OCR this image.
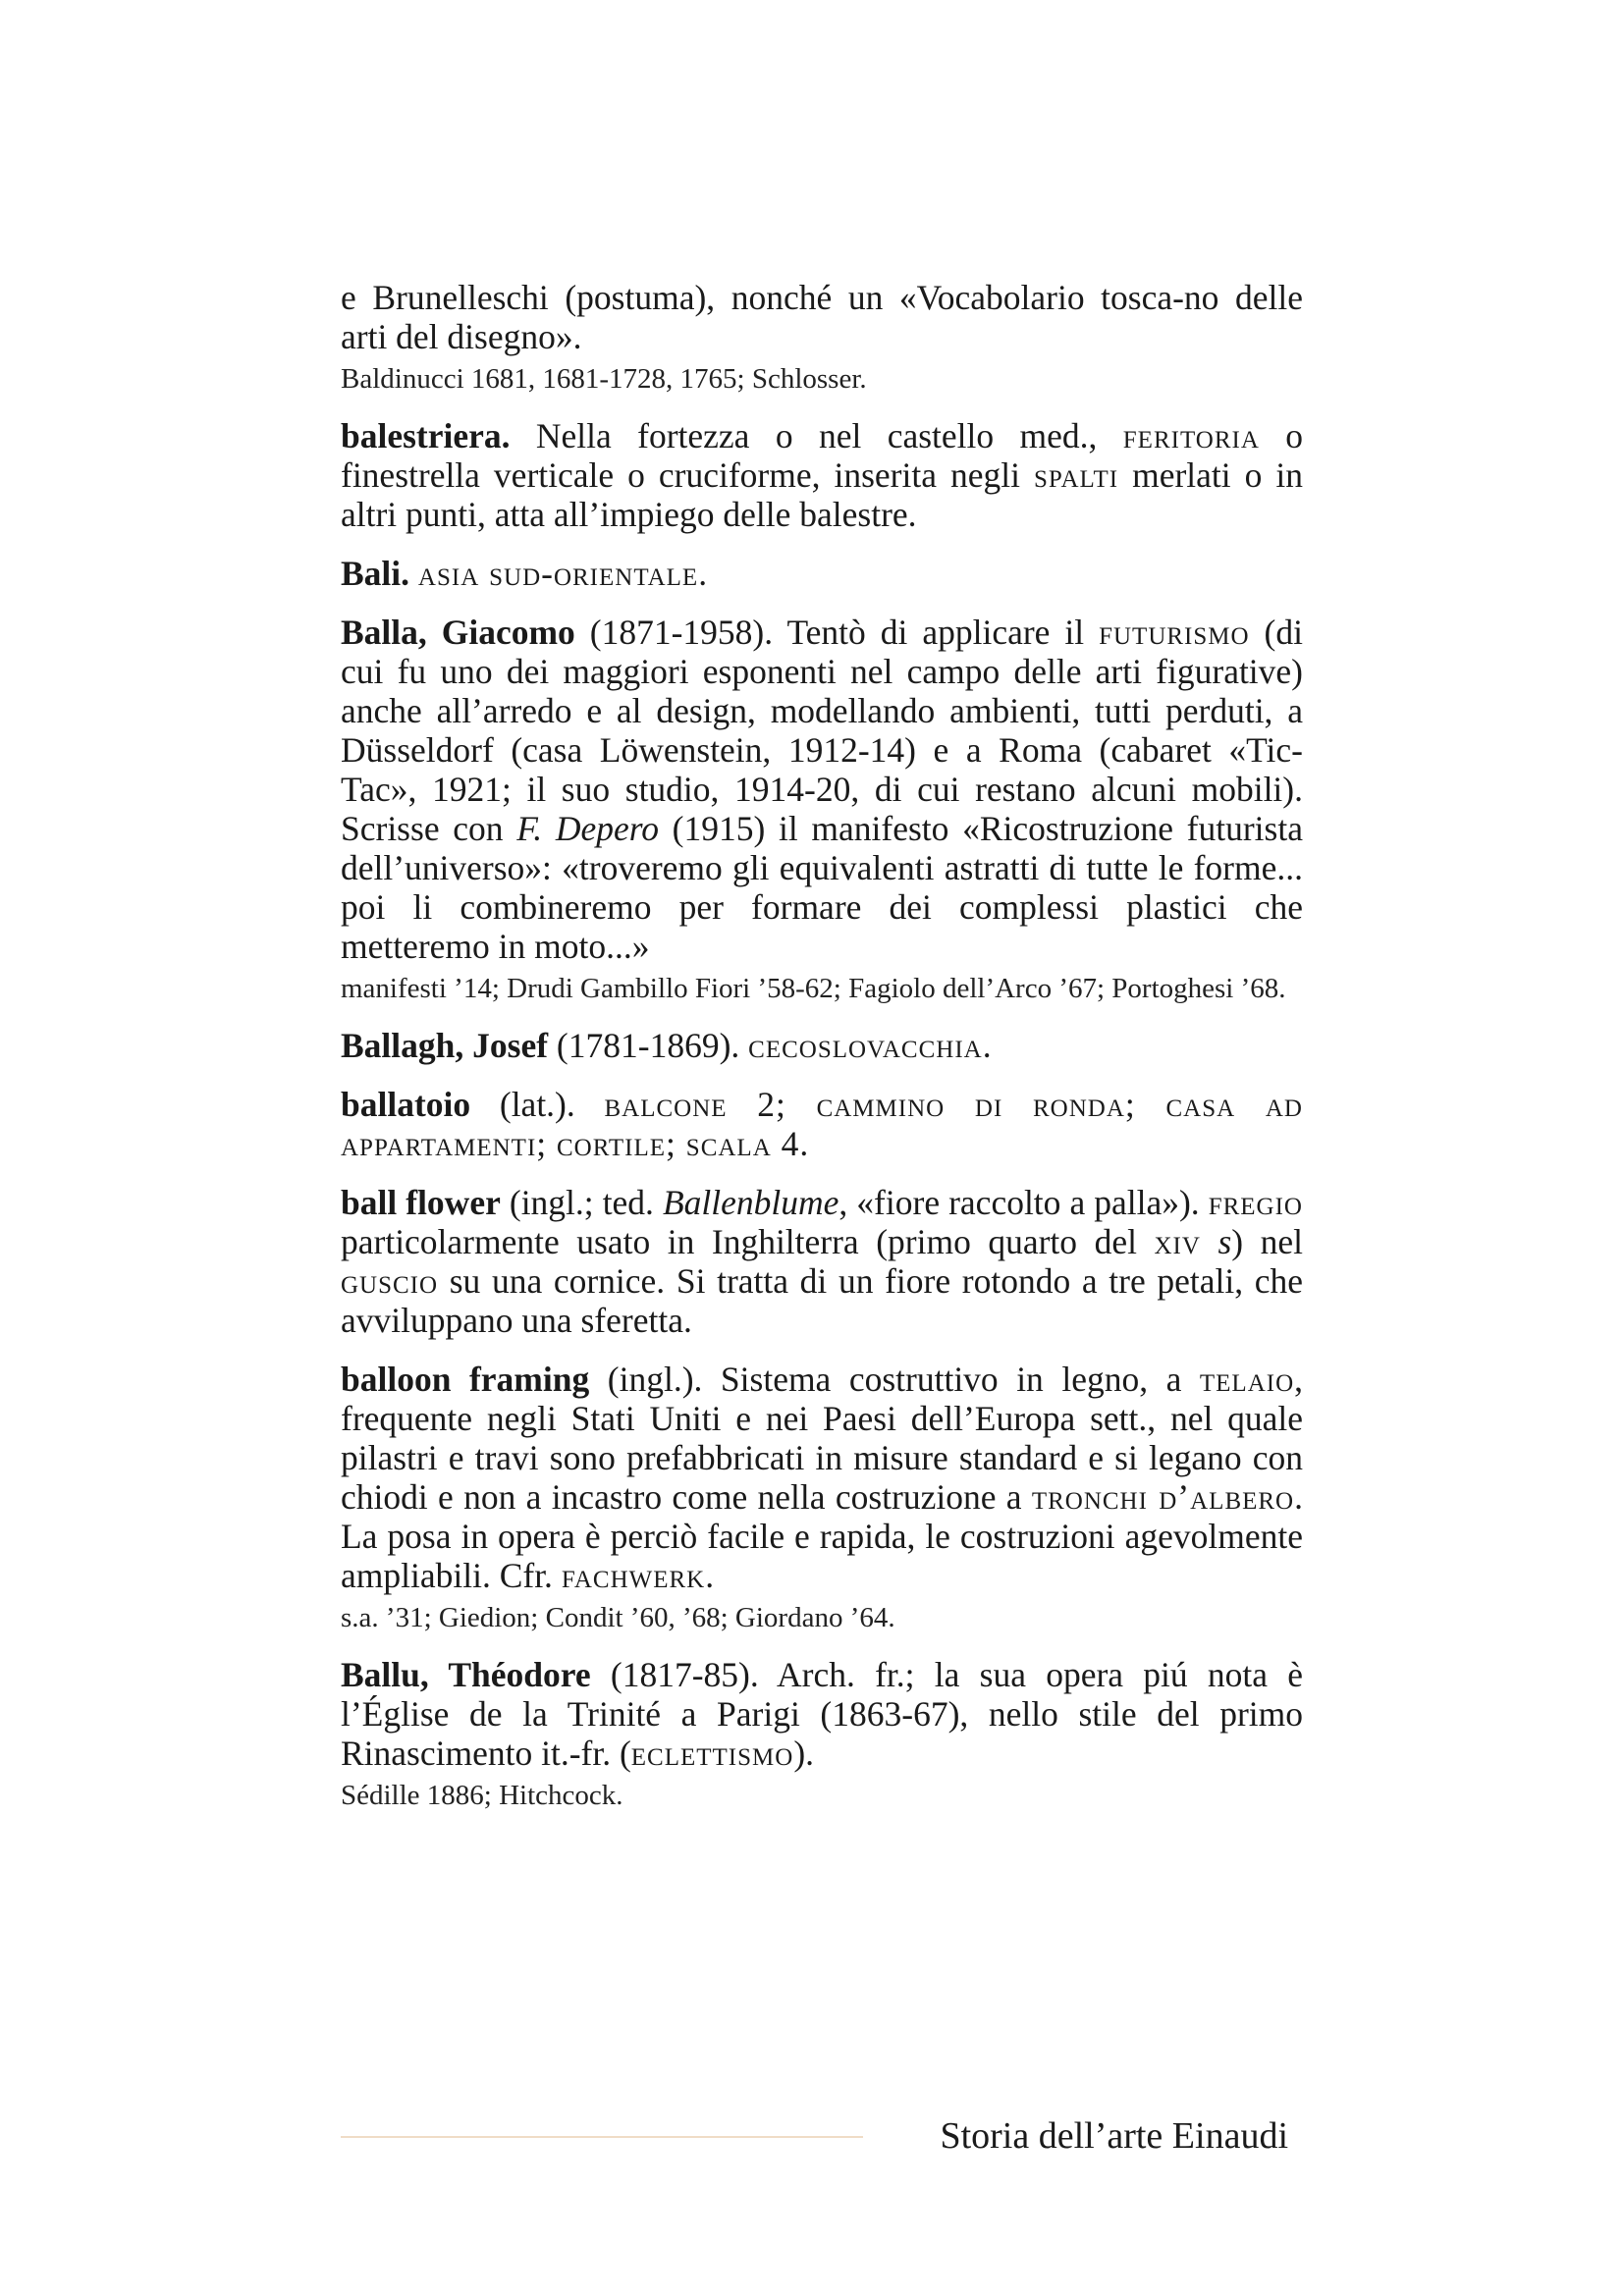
e Brunelleschi (postuma), nonché un «Vocabolario tosca-no delle arti del disegno».

Baldinucci 1681, 1681-1728, 1765; Schlosser.

balestriera. Nella fortezza o nel castello med., feritoria o finestrella verticale o cruciforme, inserita negli spalti merlati o in altri punti, atta all’impiego delle balestre.

Bali. asia sud-orientale.

Balla, Giacomo (1871-1958). Tentò di applicare il futurismo (di cui fu uno dei maggiori esponenti nel campo delle arti figurative) anche all’arredo e al design, modellando ambienti, tutti perduti, a Düsseldorf (casa Löwenstein, 1912-14) e a Roma (cabaret «Tic-Tac», 1921; il suo studio, 1914-20, di cui restano alcuni mobili). Scrisse con F. Depero (1915) il manifesto «Ricostruzione futurista dell’universo»: «troveremo gli equivalenti astratti di tutte le forme... poi li combineremo per formare dei complessi plastici che metteremo in moto...»

manifesti ’14; Drudi Gambillo Fiori ’58-62; Fagiolo dell’Arco ’67; Portoghesi ’68.

Ballagh, Josef (1781-1869). cecoslovacchia.

ballatoio (lat.). balcone 2; cammino di ronda; casa ad appartamenti; cortile; scala 4.

ball flower (ingl.; ted. Ballenblume, «fiore raccolto a palla»). fregio particolarmente usato in Inghilterra (primo quarto del xiv s) nel guscio su una cornice. Si tratta di un fiore rotondo a tre petali, che avviluppano una sferetta.

balloon framing (ingl.). Sistema costruttivo in legno, a telaio, frequente negli Stati Uniti e nei Paesi dell’Europa sett., nel quale pilastri e travi sono prefabbricati in misure standard e si legano con chiodi e non a incastro come nella costruzione a tronchi d’albero. La posa in opera è perciò facile e rapida, le costruzioni agevolmente ampliabili. Cfr. fachwerk.

s.a. ’31; Giedion; Condit ’60, ’68; Giordano ’64.

Ballu, Théodore (1817-85). Arch. fr.; la sua opera piú nota è l’Église de la Trinité a Parigi (1863-67), nello stile del primo Rinascimento it.-fr. (eclettismo).

Sédille 1886; Hitchcock.

Storia dell’arte Einaudi
